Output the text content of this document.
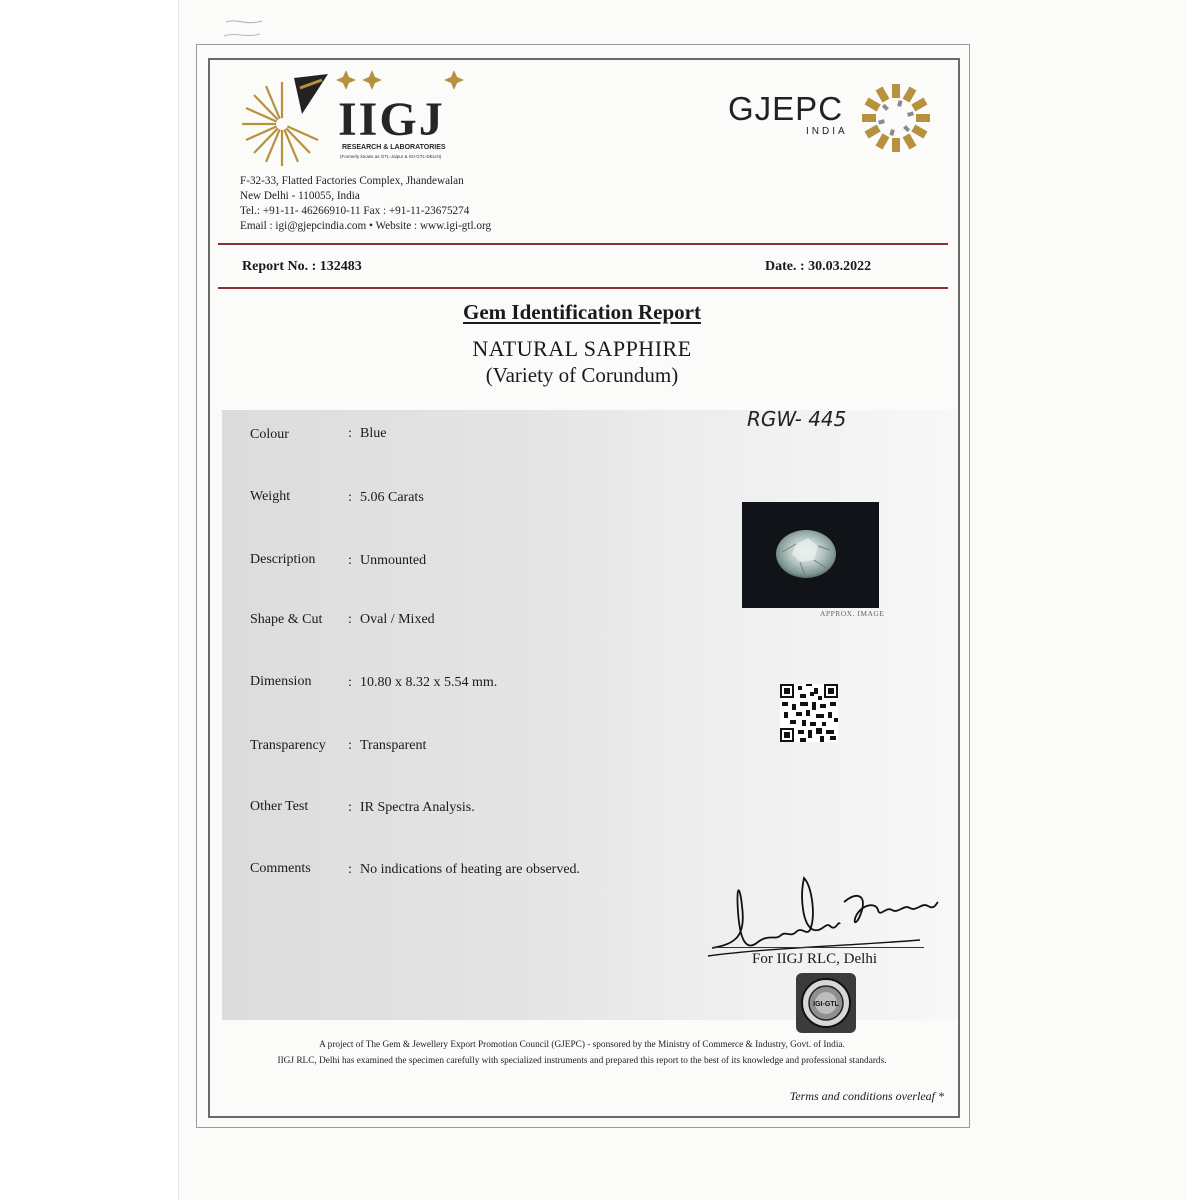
IIGJ
RESEARCH & LABORATORIES
(Formerly known as GTL-Jaipur & IGI-GTL-DELHI)
GJEPC
INDIA
F-32-33, Flatted Factories Complex, Jhandewalan
New Delhi - 110055, India
Tel.: +91-11- 46266910-11 Fax : +91-11-23675274
Email : igi@gjepcindia.com • Website : www.igi-gtl.org
Report No. : 132483	Date. : 30.03.2022
Gem Identification Report
NATURAL SAPPHIRE
(Variety of Corundum)
Colour	: Blue
Weight	: 5.06 Carats
Description : Unmounted
Shape & Cut : Oval / Mixed
Dimension	: 10.80 x 8.32 x 5.54 mm.
Transparency : Transparent
Other Test	: IR Spectra Analysis.
Comments	: No indications of heating are observed.
RGW- 445
APPROX. IMAGE
For IIGJ RLC, Delhi
IGI-GTL
A project of The Gem & Jewellery Export Promotion Council (GJEPC) - sponsored by the Ministry of Commerce & Industry, Govt. of India.
IIGJ RLC, Delhi has examined the specimen carefully with specialized instruments and prepared this report to the best of its knowledge and professional standards.
Terms and conditions overleaf *
